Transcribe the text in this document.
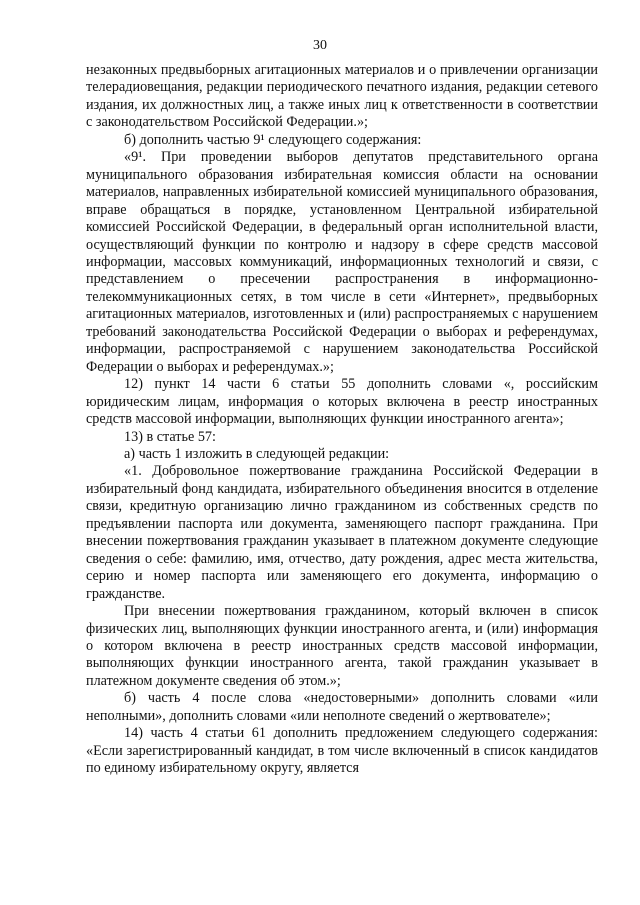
30

незаконных предвыборных агитационных материалов и о привлечении организации телерадиовещания, редакции периодического печатного издания, редакции сетевого издания, их должностных лиц, а также иных лиц к ответственности в соответствии с законодательством Российской Федерации.»;

б) дополнить частью 9¹ следующего содержания:

«9¹. При проведении выборов депутатов представительного органа муниципального образования избирательная комиссия области на основании материалов, направленных избирательной комиссией муниципального образования, вправе обращаться в порядке, установленном Центральной избирательной комиссией Российской Федерации, в федеральный орган исполнительной власти, осуществляющий функции по контролю и надзору в сфере средств массовой информации, массовых коммуникаций, информационных технологий и связи, с представлением о пресечении распространения в информационно-телекоммуникационных сетях, в том числе в сети «Интернет», предвыборных агитационных материалов, изготовленных и (или) распространяемых с нарушением требований законодательства Российской Федерации о выборах и референдумах, информации, распространяемой с нарушением законодательства Российской Федерации о выборах и референдумах.»;

12) пункт 14 части 6 статьи 55 дополнить словами «, российским юридическим лицам, информация о которых включена в реестр иностранных средств массовой информации, выполняющих функции иностранного агента»;

13) в статье 57:

а) часть 1 изложить в следующей редакции:

«1. Добровольное пожертвование гражданина Российской Федерации в избирательный фонд кандидата, избирательного объединения вносится в отделение связи, кредитную организацию лично гражданином из собственных средств по предъявлении паспорта или документа, заменяющего паспорт гражданина. При внесении пожертвования гражданин указывает в платежном документе следующие сведения о себе: фамилию, имя, отчество, дату рождения, адрес места жительства, серию и номер паспорта или заменяющего его документа, информацию о гражданстве.

При внесении пожертвования гражданином, который включен в список физических лиц, выполняющих функции иностранного агента, и (или) информация о котором включена в реестр иностранных средств массовой информации, выполняющих функции иностранного агента, такой гражданин указывает в платежном документе сведения об этом.»;

б) часть 4 после слова «недостоверными» дополнить словами «или неполными», дополнить словами «или неполноте сведений о жертвователе»;

14) часть 4 статьи 61 дополнить предложением следующего содержания: «Если зарегистрированный кандидат, в том числе включенный в список кандидатов по единому избирательному округу, является
